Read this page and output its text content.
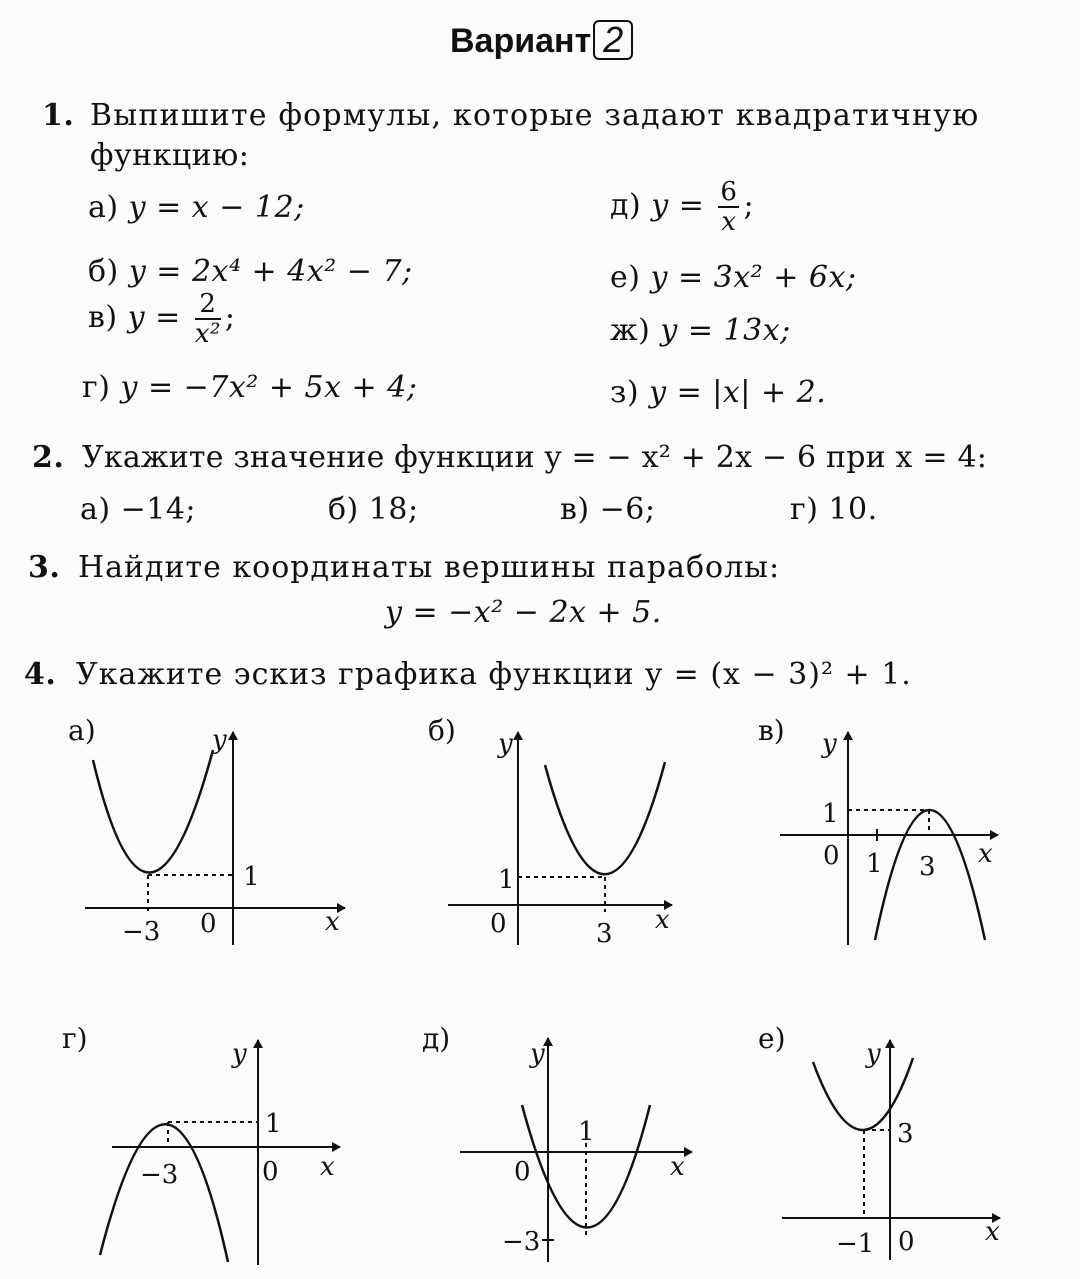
Вариант 2
1. Выпишите формулы, которые задают квадратичную
функцию:
а) y = x − 12;
б) y = 2x⁴ + 4x² − 7;
в) $y = \frac{2}{\text{x²}}$ ;
г) y = −7x² + 5x + 4;
д) $y = \frac{6}{x}$ ;
е) y = 3x² + 6x;
ж) y = 13x;
з) y = |x| + 2.
2. Укажите значение функции y = − x² + 2x − 6 при x = 4:
а) −14;	б) 18;	в) −6;	г) 10.
3. Найдите координаты вершины параболы:
y = −x² − 2x + 5.
4. Укажите эскиз графика функции y = (x − 3)² + 1.
а)	y
x
1
−3 0
б) y
x
1
3
0
в) y
x
1
1 3
0
г)	y
x
1
−3	0
д)	y
x
1
−3
0
е)	y
x
3
−1 0
